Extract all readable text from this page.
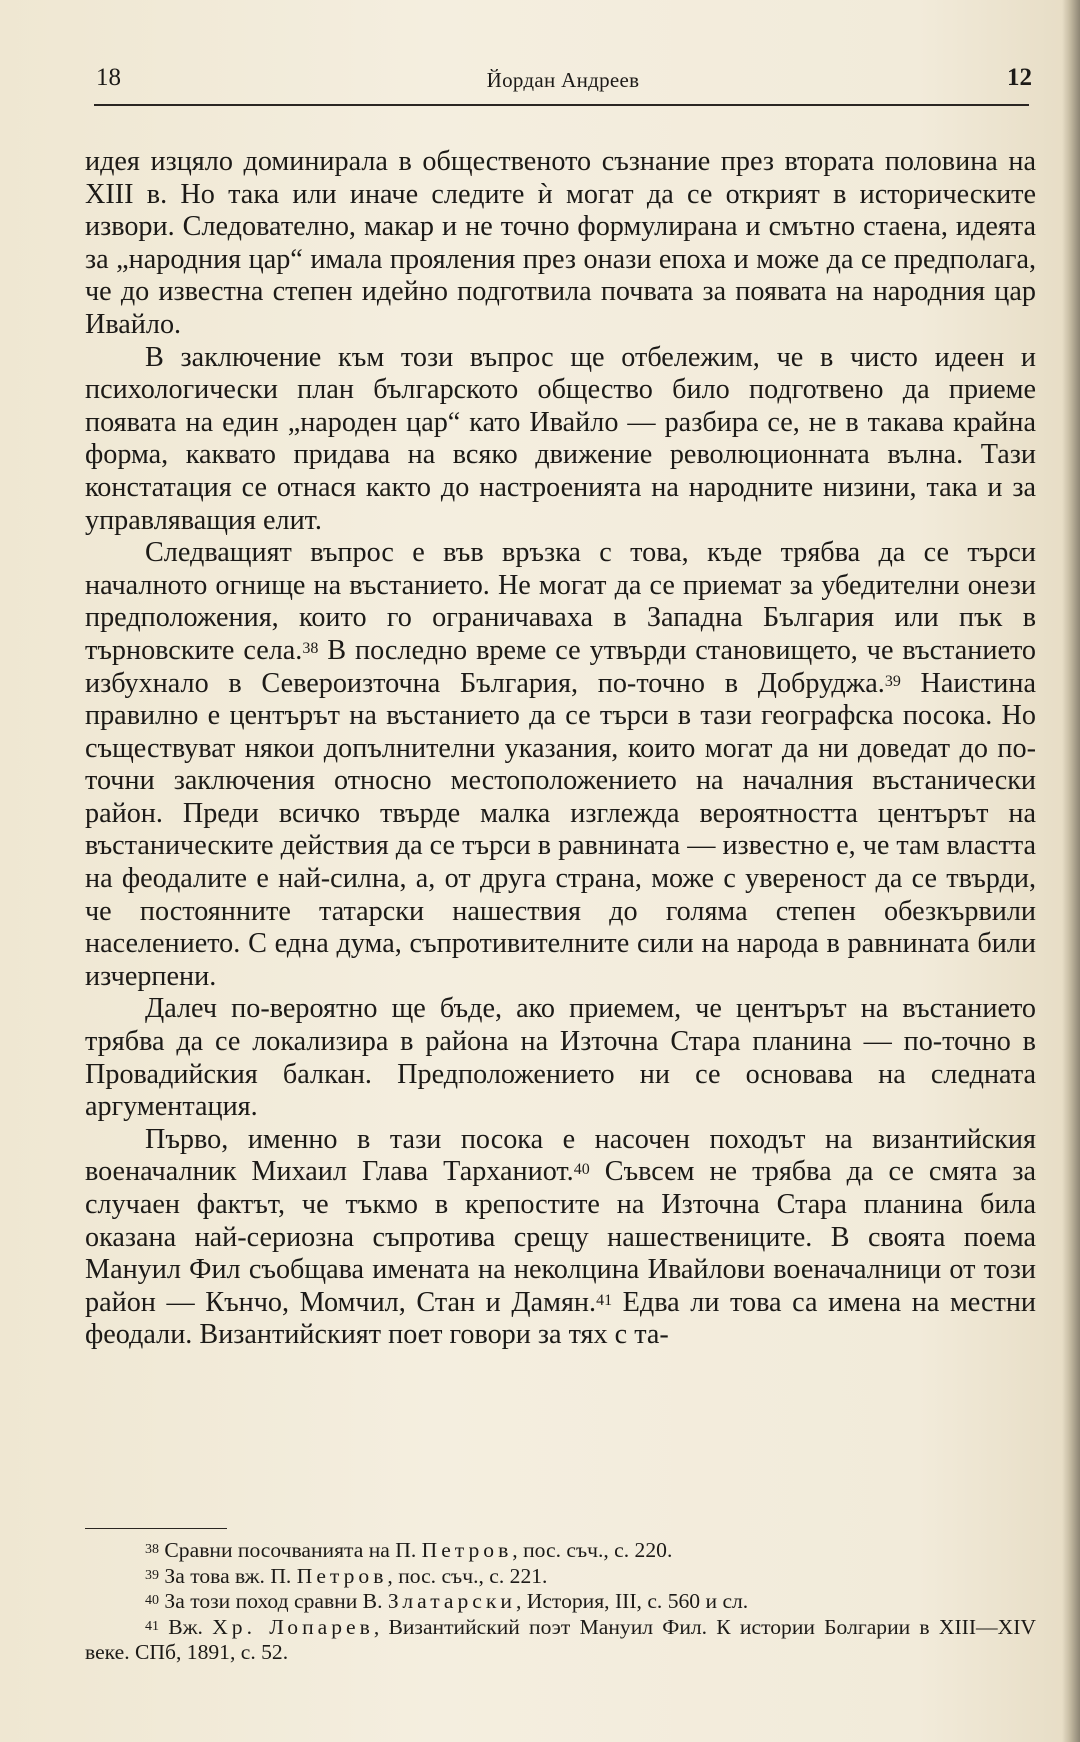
18	Йордан Андреев	12

идея изцяло доминирала в общественото съзнание през втората половина на XIII в. Но така или иначе следите ѝ могат да се открият в историческите извори. Следователно, макар и не точно формулирана и смътно стаена, идеята за „народния цар“ имала прояления през онази епоха и може да се предполага, че до известна степен идейно подготвила почвата за появата на народния цар Ивайло.

В заключение към този въпрос ще отбележим, че в чисто идеен и психологически план българското общество било подготвено да приеме появата на един „народен цар“ като Ивайло — разбира се, не в такава крайна форма, каквато придава на всяко движение революционната вълна. Тази констатация се отнася както до настроенията на народните низини, така и за управляващия елит.

Следващият въпрос е във връзка с това, къде трябва да се търси началното огнище на въстанието. Не могат да се приемат за убедителни онези предположения, които го ограничаваха в Западна България или пък в търновските села.$^{38}$ В последно време се утвърди становището, че въстанието избухнало в Североизточна България, по-точно в Добруджа.$^{39}$ Наистина правилно е центърът на въстанието да се търси в тази географска посока. Но съществуват някои допълнителни указания, които могат да ни доведат до по-точни заключения относно местоположението на началния въстанически район. Преди всичко твърде малка изглежда вероятността центърът на въстаническите действия да се търси в равнината — известно е, че там властта на феодалите е най-силна, а, от друга страна, може с увереност да се твърди, че постоянните татарски нашествия до голяма степен обезкървили населението. С една дума, съпротивителните сили на народа в равнината били изчерпени.

Далеч по-вероятно ще бъде, ако приемем, че центърът на въстанието трябва да се локализира в района на Източна Стара планина — по-точно в Провадийския балкан. Предположението ни се основава на следната аргументация.

Първо, именно в тази посока е насочен походът на византийския военачалник Михаил Глава Тарханиот.$^{40}$ Съвсем не трябва да се смята за случаен фактът, че тъкмо в крепостите на Източна Стара планина била оказана най-сериозна съпротива срещу нашествениците. В своята поема Мануил Фил съобщава имената на неколцина Ивайлови военачалници от този район — Кънчо, Момчил, Стан и Дамян.$^{41}$ Едва ли това са имена на местни феодали. Византийският поет говори за тях с та-

$^{38}$ Сравни посочванията на П. Петров, пос. съч., с. 220.

$^{39}$ За това вж. П. Петров, пос. съч., с. 221.

$^{40}$ За този поход сравни В. Златарски, История, III, с. 560 и сл.

$^{41}$ Вж. Хр. Лопарев, Византийский поэт Мануил Фил. К истории Болгарии в XIII—XIV веке. СПб, 1891, с. 52.
